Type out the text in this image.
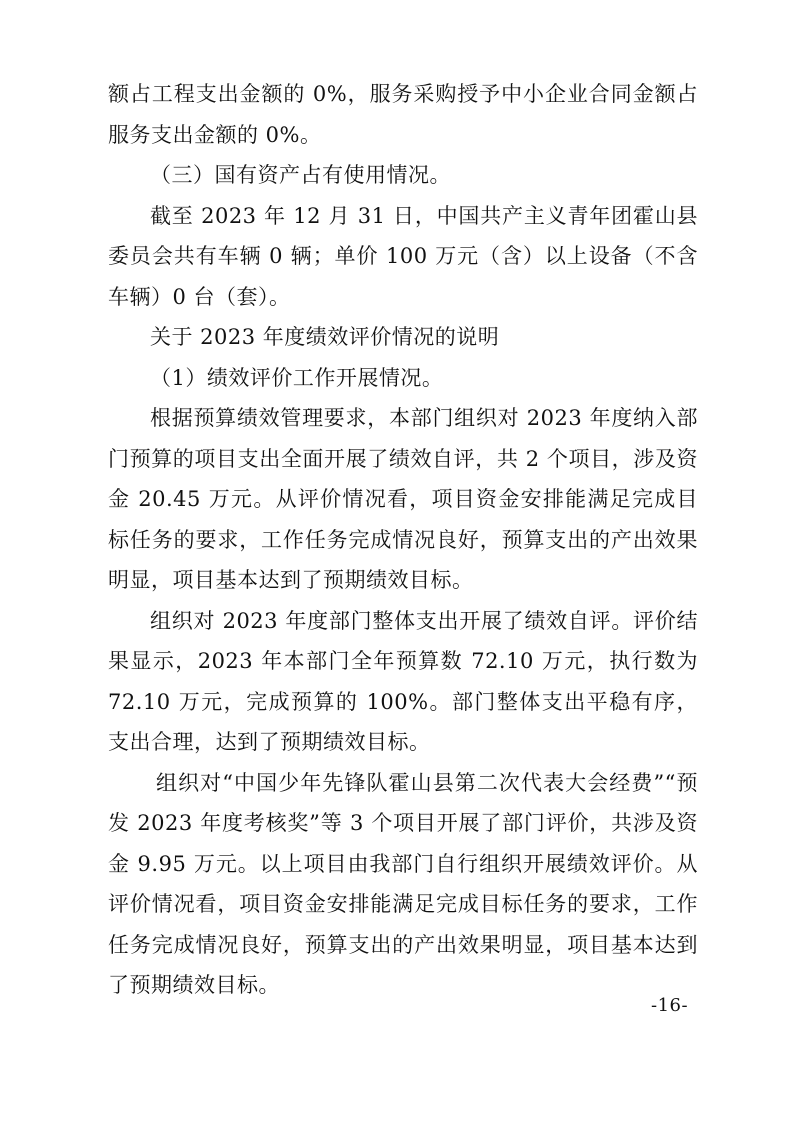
额占工程支出金额的 0%，服务采购授予中小企业合同金额占服务支出金额的 0%。

（三）国有资产占有使用情况。

截至 2023 年 12 月 31 日，中国共产主义青年团霍山县委员会共有车辆 0 辆；单价 100 万元（含）以上设备（不含车辆）0 台（套）。

关于 2023 年度绩效评价情况的说明

（1）绩效评价工作开展情况。

根据预算绩效管理要求，本部门组织对 2023 年度纳入部门预算的项目支出全面开展了绩效自评，共 2 个项目，涉及资金 20.45 万元。从评价情况看，项目资金安排能满足完成目标任务的要求，工作任务完成情况良好，预算支出的产出效果明显，项目基本达到了预期绩效目标。

组织对 2023 年度部门整体支出开展了绩效自评。评价结果显示，2023 年本部门全年预算数 72.10 万元，执行数为 72.10 万元，完成预算的 100%。部门整体支出平稳有序，支出合理，达到了预期绩效目标。

组织对“中国少年先锋队霍山县第二次代表大会经费”“预发 2023 年度考核奖”等 3 个项目开展了部门评价，共涉及资金 9.95 万元。以上项目由我部门自行组织开展绩效评价。从评价情况看，项目资金安排能满足完成目标任务的要求，工作任务完成情况良好，预算支出的产出效果明显，项目基本达到了预期绩效目标。

-16-
